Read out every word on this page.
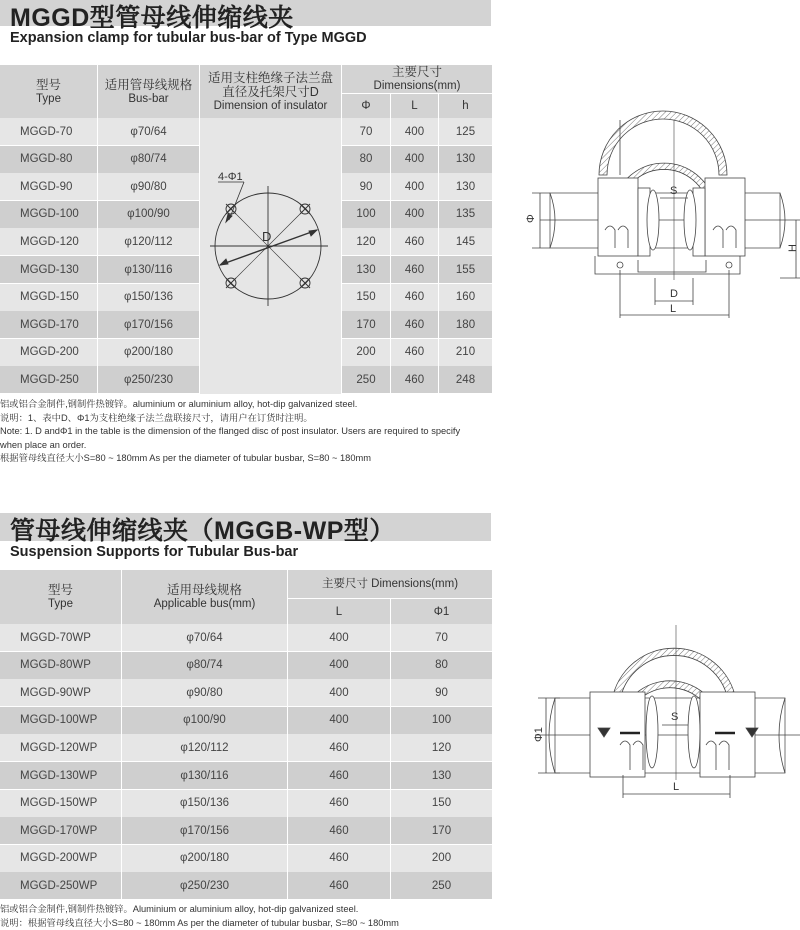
MGGD型管母线伸缩线夹
Expansion clamp for tubular bus-bar of Type MGGD
型号
Type
适用管母线规格
Bus-bar
适用支柱绝缘子法兰盘
直径及托架尺寸D
Dimension of insulator
主要尺寸
Dimensions(mm)
Φ	L	h
4-Φ1
D
MGGD-70	φ70/64	70	400	125
MGGD-80	φ80/74	80	400	130
MGGD-90	φ90/80	90	400	130
MGGD-100	φ100/90	100	400	135
MGGD-120	φ120/112	120	460	145
MGGD-130	φ130/116	130	460	155
MGGD-150	φ150/136	150	460	160
MGGD-170	φ170/156	170	460	180
MGGD-200	φ200/180	200	460	210
MGGD-250	φ250/230	250	460	248
铝或铝合金制件,钢制件热镀锌。aluminium or aluminium alloy, hot-dip galvanized steel.
说明：1、表中D、Φ1为支柱绝缘子法兰盘联接尺寸，请用户在订货时注明。
Note: 1. D andΦ1 in the table is the dimension of the flanged disc of post insulator. Users are required to specify
when place an order.
根据管母线直径大小S=80 ~ 180mm As per the diameter of tubular busbar, S=80 ~ 180mm
Φ
S
H
D
L
管母线伸缩线夹（MGGB-WP型）
Suspension Supports for Tubular Bus-bar
型号
Type
适用母线规格
Applicable bus(mm)
主要尺寸 Dimensions(mm)
L	Φ1
MGGD-70WP	φ70/64	400	70
MGGD-80WP	φ80/74	400	80
MGGD-90WP	φ90/80	400	90
MGGD-100WP	φ100/90	400	100
MGGD-120WP	φ120/112	460	120
MGGD-130WP	φ130/116	460	130
MGGD-150WP	φ150/136	460	150
MGGD-170WP	φ170/156	460	170
MGGD-200WP	φ200/180	460	200
MGGD-250WP	φ250/230	460	250
铝或铝合金制件,钢制件热镀锌。Aluminium or aluminium alloy, hot-dip galvanized steel.
说明：根据管母线直径大小S=80 ~ 180mm As per the diameter of tubular busbar, S=80 ~ 180mm
Φ1
S
L
